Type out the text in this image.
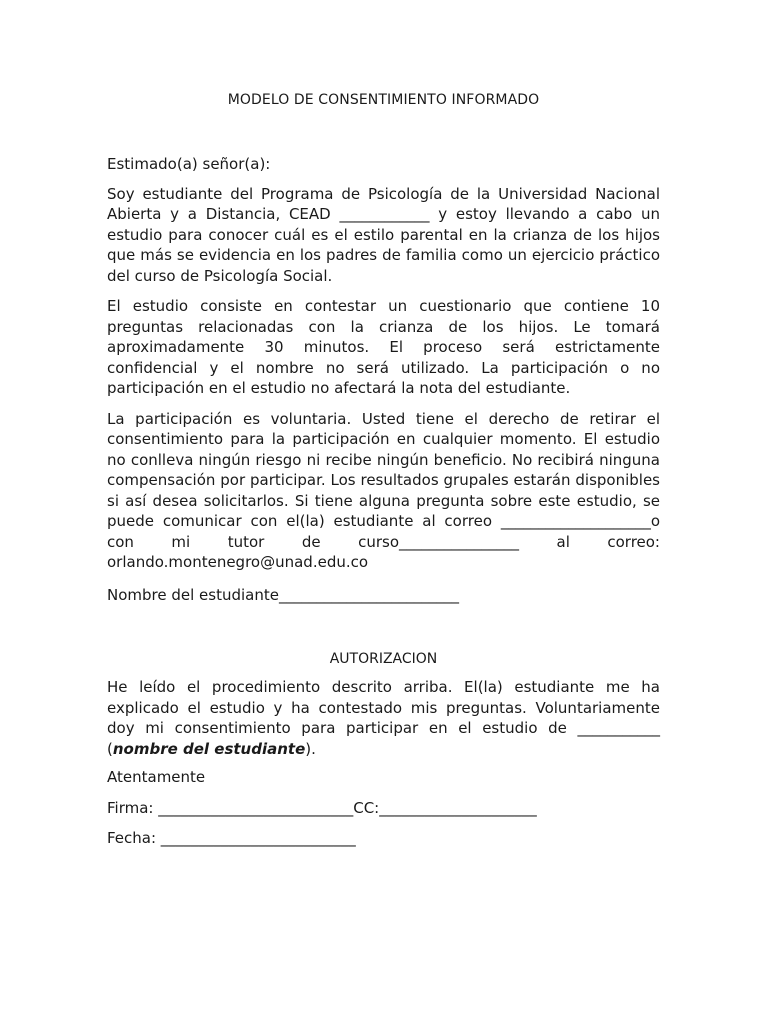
MODELO DE CONSENTIMIENTO INFORMADO

Estimado(a) señor(a):

Soy estudiante del Programa de Psicología de la Universidad Nacional Abierta y a Distancia, CEAD ____________ y estoy llevando a cabo un estudio para conocer cuál es el estilo parental en la crianza de los hijos que más se evidencia en los padres de familia como un ejercicio práctico del curso de Psicología Social.

El estudio consiste en contestar un cuestionario que contiene 10 preguntas relacionadas con la crianza de los hijos. Le tomará aproximadamente 30 minutos. El proceso será estrictamente confidencial y el nombre no será utilizado. La participación o no participación en el estudio no afectará la nota del estudiante.

La participación es voluntaria. Usted tiene el derecho de retirar el consentimiento para la participación en cualquier momento. El estudio no conlleva ningún riesgo ni recibe ningún beneficio. No recibirá ninguna compensación por participar. Los resultados grupales estarán disponibles si así desea solicitarlos. Si tiene alguna pregunta sobre este estudio, se puede comunicar con el(la) estudiante al correo ____________________o con mi tutor de curso________________ al correo: orlando.montenegro@unad.edu.co

Nombre del estudiante________________________

AUTORIZACION

He leído el procedimiento descrito arriba. El(la) estudiante me ha explicado el estudio y ha contestado mis preguntas. Voluntariamente doy mi consentimiento para participar en el estudio de ___________ (nombre del estudiante).

Atentamente

Firma: __________________________CC:_____________________

Fecha: __________________________
